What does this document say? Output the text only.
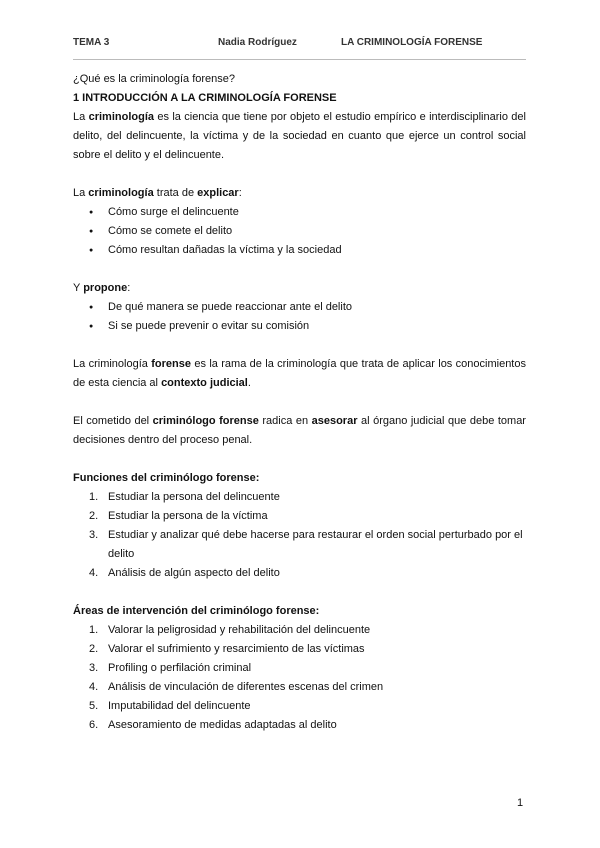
TEMA 3	Nadia Rodríguez	LA CRIMINOLOGÍA FORENSE

¿Qué es la criminología forense?

1 INTRODUCCIÓN A LA CRIMINOLOGÍA FORENSE

La criminología es la ciencia que tiene por objeto el estudio empírico e interdisciplinario del delito, del delincuente, la víctima y de la sociedad en cuanto que ejerce un control social sobre el delito y el delincuente.

La criminología trata de explicar:

● Cómo surge el delincuente
● Cómo se comete el delito
● Cómo resultan dañadas la víctima y la sociedad

Y propone:

● De qué manera se puede reaccionar ante el delito
● Si se puede prevenir o evitar su comisión

La criminología forense es la rama de la criminología que trata de aplicar los conocimientos de esta ciencia al contexto judicial.

El cometido del criminólogo forense radica en asesorar al órgano judicial que debe tomar decisiones dentro del proceso penal.

Funciones del criminólogo forense:

1. Estudiar la persona del delincuente
2. Estudiar la persona de la víctima
3. Estudiar y analizar qué debe hacerse para restaurar el orden social perturbado por el delito
4. Análisis de algún aspecto del delito

Áreas de intervención del criminólogo forense:

1. Valorar la peligrosidad y rehabilitación del delincuente
2. Valorar el sufrimiento y resarcimiento de las víctimas
3. Profiling o perfilación criminal
4. Análisis de vinculación de diferentes escenas del crimen
5. Imputabilidad del delincuente
6. Asesoramiento de medidas adaptadas al delito
1
